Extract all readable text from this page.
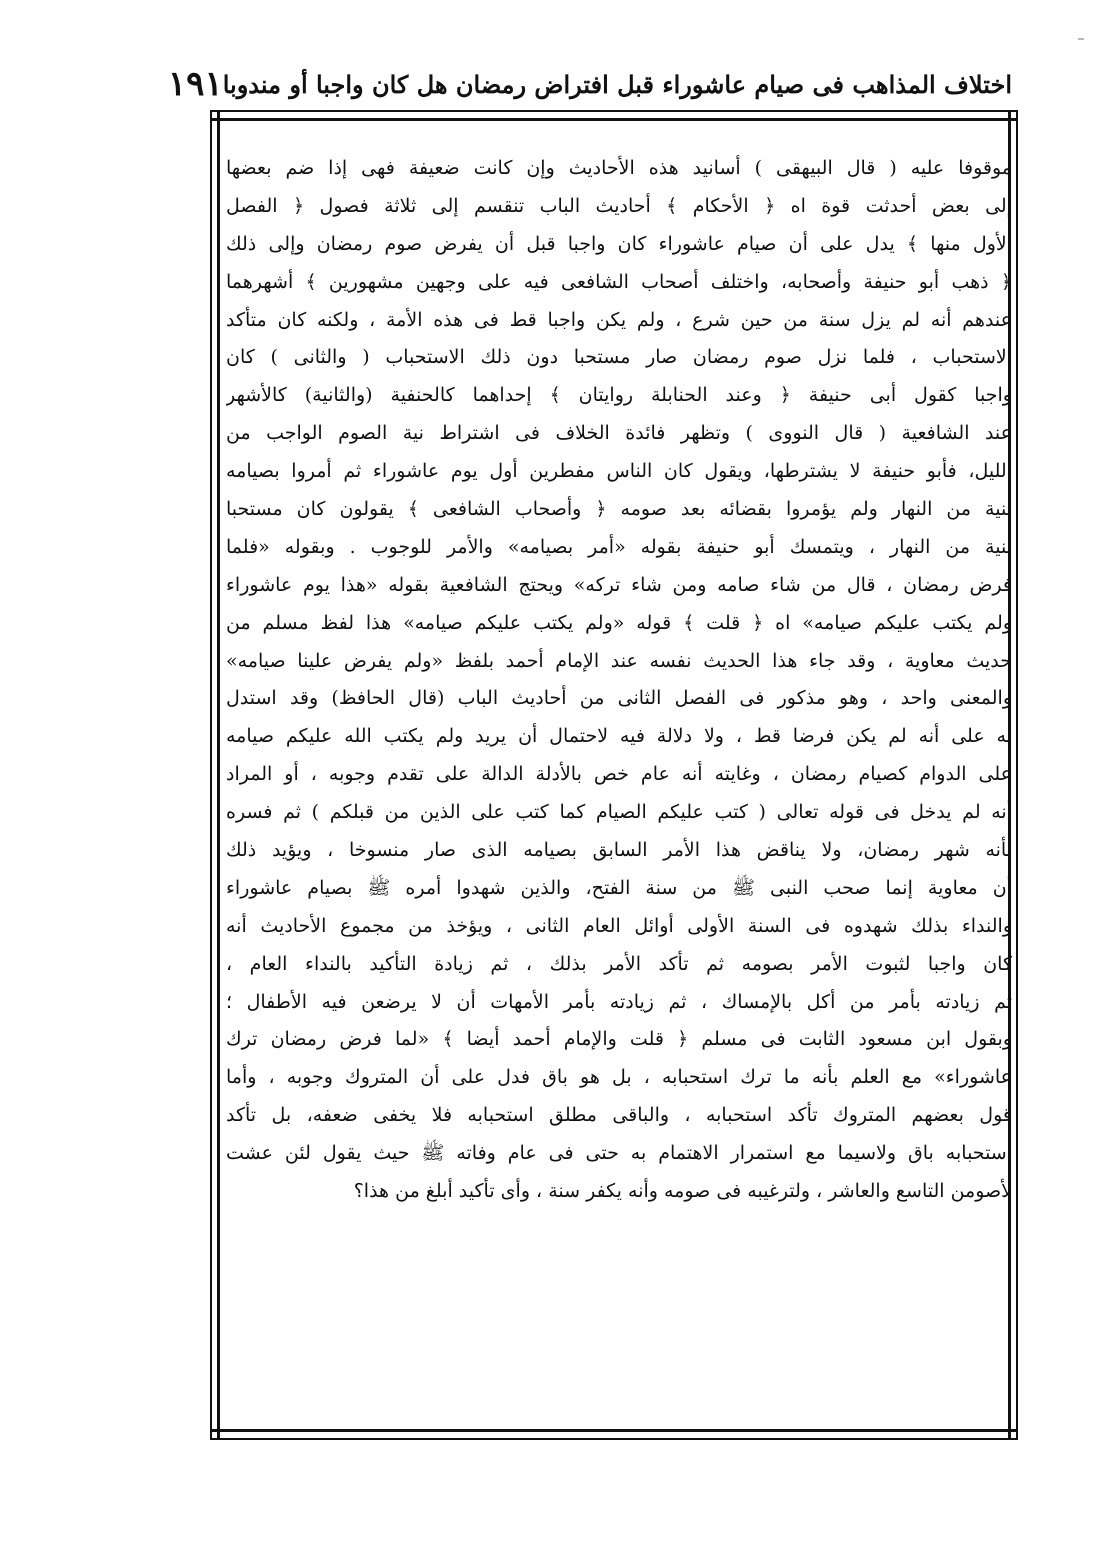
اختلاف المذاهب فى صيام عاشوراء قبل افتراض رمضان هل كان واجبا أو مندوبا
١٩١
موقوفا عليه ( قال البيهقى ) أسانيد هذه الأحاديث وإن كانت ضعيفة فهى إذا ضم بعضها
إلى بعض أحدثت قوة اه ﴿ الأحكام ﴾ أحاديث الباب تنقسم إلى ثلاثة فصول ﴿ الفصل
الأول منها ﴾ يدل على أن صيام عاشوراء كان واجبا قبل أن يفرض صوم رمضان وإلى ذلك
﴿ ذهب أبو حنيفة وأصحابه، واختلف أصحاب الشافعى فيه على وجهين مشهورين ﴾ أشهرهما
عندهم أنه لم يزل سنة من حين شرع ، ولم يكن واجبا قط فى هذه الأمة ، ولكنه كان متأكد
الاستحباب ، فلما نزل صوم رمضان صار مستحبا دون ذلك الاستحباب ( والثانى ) كان
واجبا كقول أبى حنيفة ﴿ وعند الحنابلة روايتان ﴾ إحداهما كالحنفية (والثانية) كالأشهر
عند الشافعية ( قال النووى ) وتظهر فائدة الخلاف فى اشتراط نية الصوم الواجب من
الليل، فأبو حنيفة لا يشترطها، ويقول كان الناس مفطرين أول يوم عاشوراء ثم أمروا بصيامه
بنية من النهار ولم يؤمروا بقضائه بعد صومه ﴿ وأصحاب الشافعى ﴾ يقولون كان مستحبا
بنية من النهار ، ويتمسك أبو حنيفة بقوله «أمر بصيامه» والأمر للوجوب . وبقوله «فلما
فرض رمضان ، قال من شاء صامه ومن شاء تركه» ويحتج الشافعية بقوله «هذا يوم عاشوراء
ولم يكتب عليكم صيامه» اه ﴿ قلت ﴾ قوله «ولم يكتب عليكم صيامه» هذا لفظ مسلم من
حديث معاوية ، وقد جاء هذا الحديث نفسه عند الإمام أحمد بلفظ «ولم يفرض علينا صيامه»
والمعنى واحد ، وهو مذكور فى الفصل الثانى من أحاديث الباب (قال الحافظ) وقد استدل
به على أنه لم يكن فرضا قط ، ولا دلالة فيه لاحتمال أن يريد ولم يكتب الله عليكم صيامه
على الدوام كصيام رمضان ، وغايته أنه عام خص بالأدلة الدالة على تقدم وجوبه ، أو المراد
أنه لم يدخل فى قوله تعالى ( كتب عليكم الصيام كما كتب على الذين من قبلكم ) ثم فسره
بأنه شهر رمضان، ولا يناقض هذا الأمر السابق بصيامه الذى صار منسوخا ، ويؤيد ذلك
أن معاوية إنما صحب النبى ﷺ من سنة الفتح، والذين شهدوا أمره ﷺ بصيام عاشوراء
والنداء بذلك شهدوه فى السنة الأولى أوائل العام الثانى ، ويؤخذ من مجموع الأحاديث أنه
كان واجبا لثبوت الأمر بصومه ثم تأكد الأمر بذلك ، ثم زيادة التأكيد بالنداء العام ،
ثم زيادته بأمر من أكل بالإمساك ، ثم زيادته بأمر الأمهات أن لا يرضعن فيه الأطفال ؛
وبقول ابن مسعود الثابت فى مسلم ﴿ قلت والإمام أحمد أيضا ﴾ «لما فرض رمضان ترك
عاشوراء» مع العلم بأنه ما ترك استحبابه ، بل هو باق فدل على أن المتروك وجوبه ، وأما
قول بعضهم المتروك تأكد استحبابه ، والباقى مطلق استحبابه فلا يخفى ضعفه، بل تأكد
استحبابه باق ولاسيما مع استمرار الاهتمام به حتى فى عام وفاته ﷺ حيث يقول لئن عشت
لأصومن التاسع والعاشر ، ولترغيبه فى صومه وأنه يكفر سنة ، وأى تأكيد أبلغ من هذا؟
